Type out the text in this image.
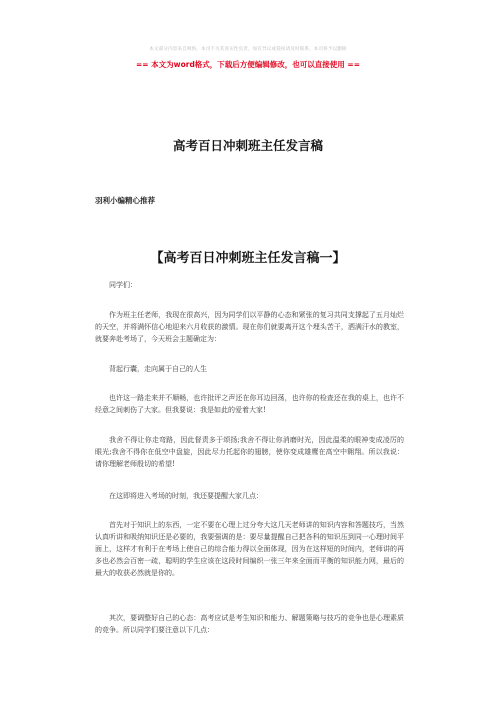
本文部分内容来自网络，本司不为其真实性负责，如有异议或侵权请及时联系，本司将予以删除
== 本文为word格式，下载后方便编辑修改，也可以直接使用 ==
高考百日冲刺班主任发言稿
羽利小编精心推荐
【高考百日冲刺班主任发言稿一】

同学们：

作为班主任老师，我现在很高兴，因为同学们以平静的心态和紧张的复习共同支撑起了五月灿烂的天空，并将满怀信心地迎来六月收获的激情。现在你们就要离开这个埋头苦干，洒满汗水的教室，就要奔赴考场了，今天班会主题确定为：

背起行囊，走向属于自己的人生

也许这一路走来并不顺畅，也许批评之声还在你耳边回荡，也许你的检查还在我的桌上，也许不经意之间刺伤了大家。但我要说：我是如此的爱着大家!

我舍不得让你走弯路，因此督责多于颂扬;我舍不得让你消磨时光，因此温柔的眼神变成凌厉的眼光;我舍不得你在低空中盘旋，因此尽力托起你的翅膀，使你变成雄鹰在高空中翱翔。所以我说：请你理解老师殷切的希望!

在这即将进入考场的时刻，我还要提醒大家几点：

首先对于知识上的东西，一定不要在心理上过分夸大这几天老师讲的知识内容和答题技巧，当然认真听讲和吸纳知识还是必要的，我要强调的是：要尽量提醒自己把各科的知识压到同一心理时间平面上，这样才有利于在考场上使自己的综合能力得以全面体现，因为在这样短的时间内，老师讲的再多也必然会百密一疏，聪明的学生应该在这段时间编织一张三年来全面而平衡的知识能力网，最后的最大的收获必然就是你的。

其次，要调整好自己的心态：高考应试是考生知识和能力、解题策略与技巧的竞争也是心理素质的竞争。所以同学们要注意以下几点：
